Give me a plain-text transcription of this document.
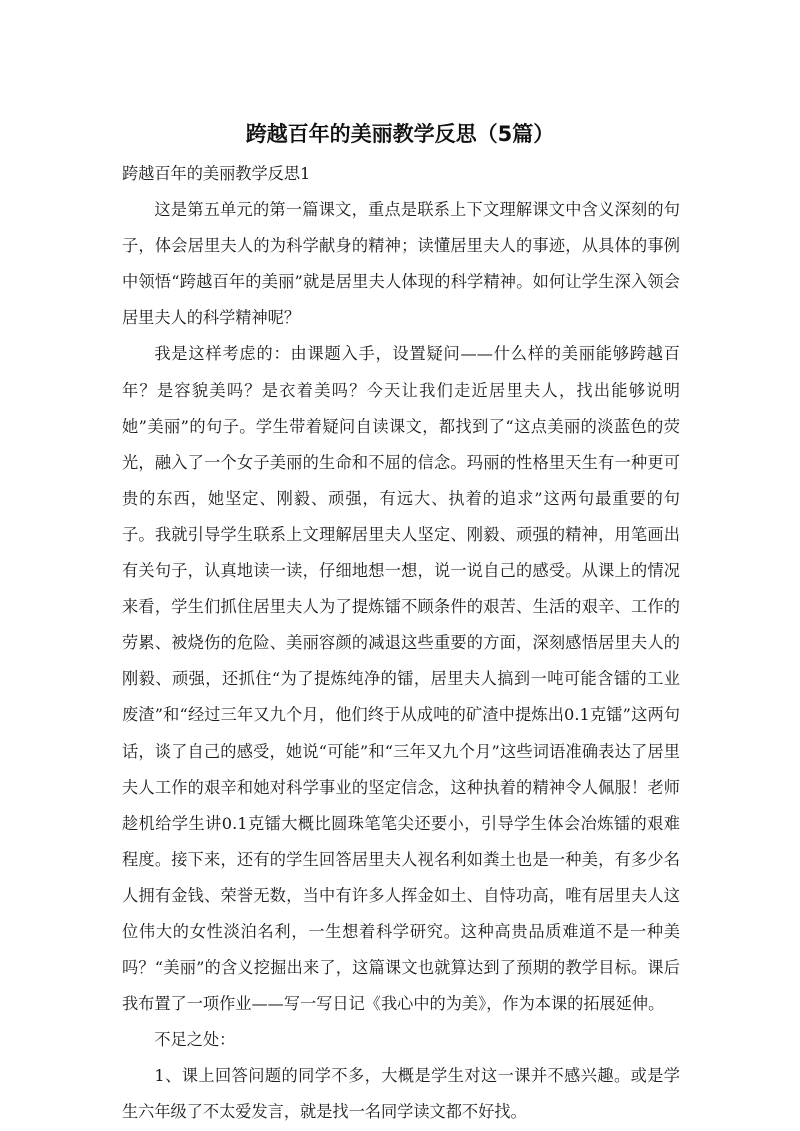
跨越百年的美丽教学反思（5篇）

跨越百年的美丽教学反思1

这是第五单元的第一篇课文，重点是联系上下文理解课文中含义深刻的句子，体会居里夫人的为科学献身的精神；读懂居里夫人的事迹，从具体的事例中领悟“跨越百年的美丽”就是居里夫人体现的科学精神。如何让学生深入领会居里夫人的科学精神呢？

我是这样考虑的：由课题入手，设置疑问——什么样的美丽能够跨越百年？是容貌美吗？是衣着美吗？今天让我们走近居里夫人，找出能够说明她”美丽”的句子。学生带着疑问自读课文，都找到了“这点美丽的淡蓝色的荧光，融入了一个女子美丽的生命和不屈的信念。玛丽的性格里天生有一种更可贵的东西，她坚定、刚毅、顽强，有远大、执着的追求”这两句最重要的句子。我就引导学生联系上文理解居里夫人坚定、刚毅、顽强的精神，用笔画出有关句子，认真地读一读，仔细地想一想，说一说自己的感受。从课上的情况来看，学生们抓住居里夫人为了提炼镭不顾条件的艰苦、生活的艰辛、工作的劳累、被烧伤的危险、美丽容颜的减退这些重要的方面，深刻感悟居里夫人的刚毅、顽强，还抓住“为了提炼纯净的镭，居里夫人搞到一吨可能含镭的工业废渣”和“经过三年又九个月，他们终于从成吨的矿渣中提炼出0.1克镭”这两句话，谈了自己的感受，她说“可能”和“三年又九个月”这些词语准确表达了居里夫人工作的艰辛和她对科学事业的坚定信念，这种执着的精神令人佩服！老师趁机给学生讲0.1克镭大概比圆珠笔笔尖还要小，引导学生体会冶炼镭的艰难程度。接下来，还有的学生回答居里夫人视名利如粪土也是一种美，有多少名人拥有金钱、荣誉无数，当中有许多人挥金如土、自恃功高，唯有居里夫人这位伟大的女性淡泊名利，一生想着科学研究。这种高贵品质难道不是一种美吗？“美丽”的含义挖掘出来了，这篇课文也就算达到了预期的教学目标。课后我布置了一项作业——写一写日记《我心中的为美》，作为本课的拓展延伸。

不足之处：

1、课上回答问题的同学不多，大概是学生对这一课并不感兴趣。或是学生六年级了不太爱发言，就是找一名同学读文都不好找。
